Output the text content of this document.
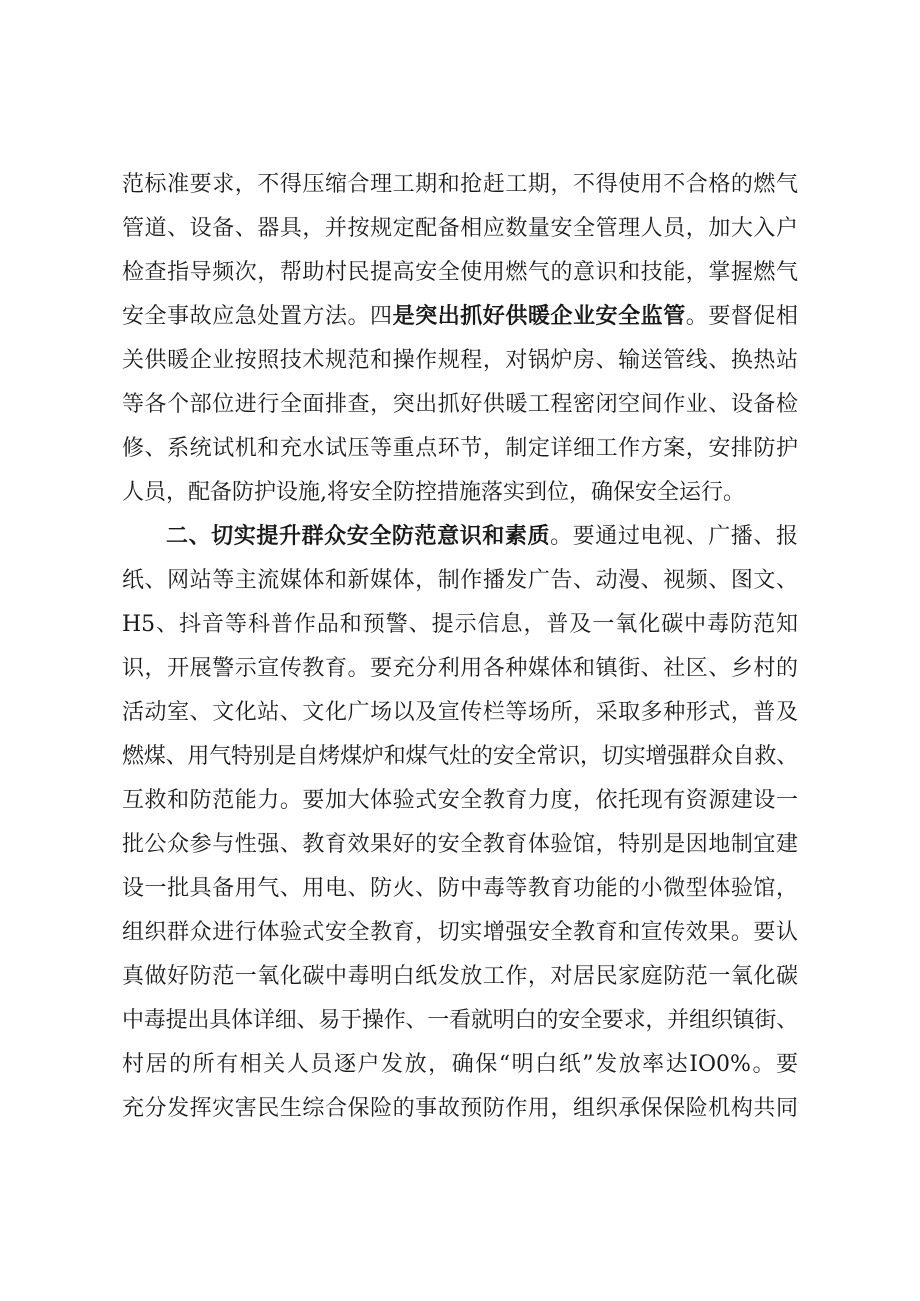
范标准要求，不得压缩合理工期和抢赶工期，不得使用不合格的燃气
管道、设备、器具，并按规定配备相应数量安全管理人员，加大入户
检查指导频次，帮助村民提高安全使用燃气的意识和技能，掌握燃气
安全事故应急处置方法。四是突出抓好供暖企业安全监管。要督促相
关供暖企业按照技术规范和操作规程，对锅炉房、输送管线、换热站
等各个部位进行全面排查，突出抓好供暖工程密闭空间作业、设备检
修、系统试机和充水试压等重点环节，制定详细工作方案，安排防护
人员，配备防护设施,将安全防控措施落实到位，确保安全运行。
二、切实提升群众安全防范意识和素质。要通过电视、广播、报
纸、网站等主流媒体和新媒体，制作播发广告、动漫、视频、图文、
H5、抖音等科普作品和预警、提示信息，普及一氧化碳中毒防范知
识，开展警示宣传教育。要充分利用各种媒体和镇街、社区、乡村的
活动室、文化站、文化广场以及宣传栏等场所，采取多种形式，普及
燃煤、用气特别是自烤煤炉和煤气灶的安全常识，切实增强群众自救、
互救和防范能力。要加大体验式安全教育力度，依托现有资源建设一
批公众参与性强、教育效果好的安全教育体验馆，特别是因地制宜建
设一批具备用气、用电、防火、防中毒等教育功能的小微型体验馆，
组织群众进行体验式安全教育，切实增强安全教育和宣传效果。要认
真做好防范一氧化碳中毒明白纸发放工作，对居民家庭防范一氧化碳
中毒提出具体详细、易于操作、一看就明白的安全要求，并组织镇街、
村居的所有相关人员逐户发放，确保“明白纸”发放率达IO0%。要
充分发挥灾害民生综合保险的事故预防作用，组织承保保险机构共同
